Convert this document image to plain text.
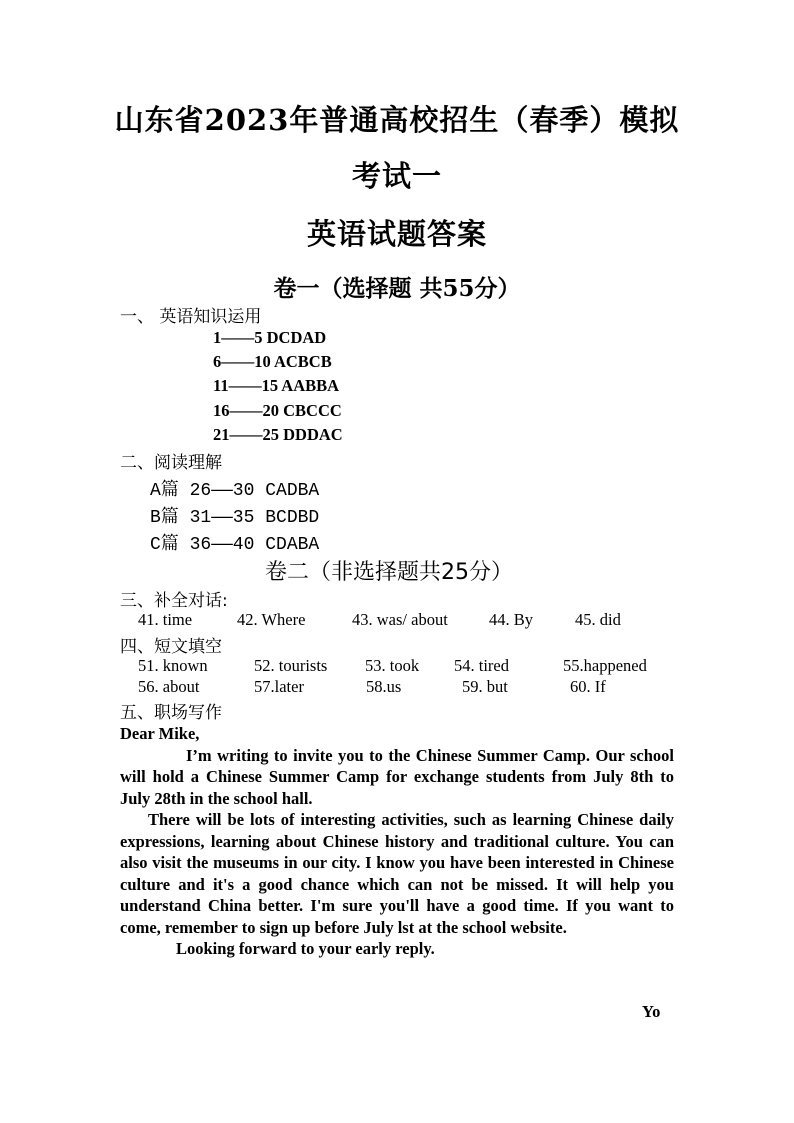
山东省2023年普通高校招生（春季）模拟
考试一
英语试题答案
卷一（选择题 共55分）
一、 英语知识运用
1——5 DCDAD
6——10 ACBCB
11——15 AABBA
16——20 CBCCC
21——25 DDDAC
二、阅读理解
A篇 26——30 CADBA
B篇 31——35 BCDBD
C篇 36——40 CDABA
卷二（非选择题共25分）
三、补全对话:
41. time	42. Where	43. was/ about 44. By	45. did
四、短文填空
51. known	52. tourists 53. took 54. tired	55.happened
56. about	57.later	58.us	59. but	60. If
五、职场写作

Dear Mike,

I’m writing to invite you to the Chinese Summer Camp. Our school will hold a Chinese Summer Camp for exchange students from July 8th to July 28th in the school hall.

There will be lots of interesting activities, such as learning Chinese daily expressions, learning about Chinese history and traditional culture. You can also visit the museums in our city. I know you have been interested in Chinese culture and it's a good chance which can not be missed. It will help you understand China better. I'm sure you'll have a good time. If you want to come, remember to sign up before July lst at the school website.

Looking forward to your early reply.

Yo
